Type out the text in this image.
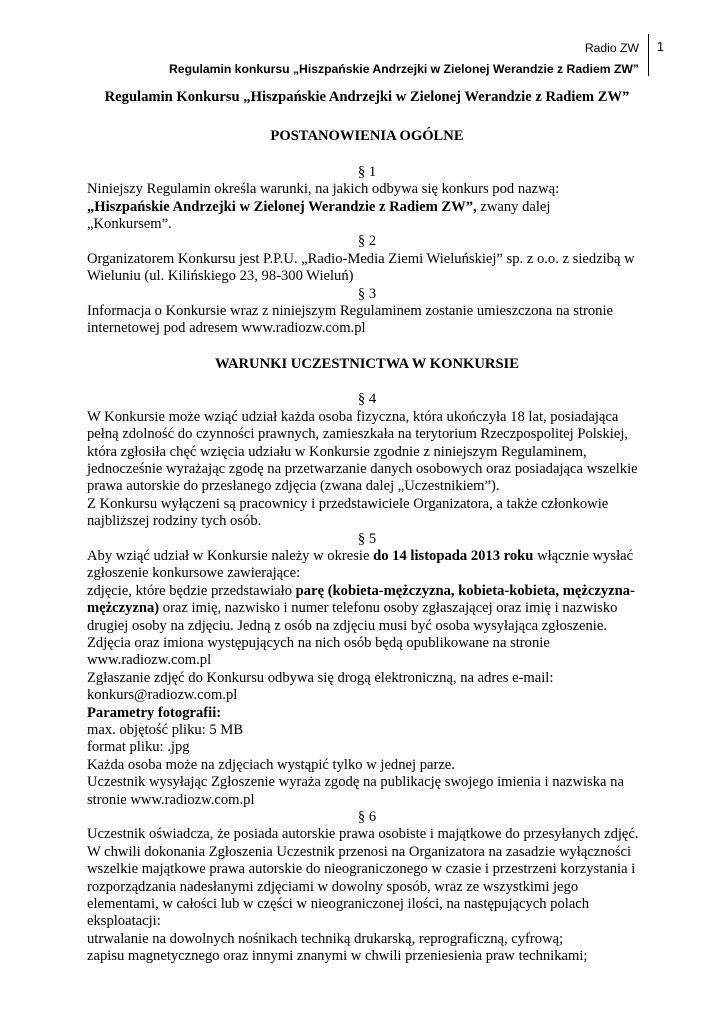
Radio ZW
Regulamin konkursu „Hiszpańskie Andrzejki w Zielonej Werandzie z Radiem ZW”
1

Regulamin Konkursu „Hiszpańskie Andrzejki w Zielonej Werandzie z Radiem ZW”

POSTANOWIENIA OGÓLNE

§ 1

Niniejszy Regulamin określa warunki, na jakich odbywa się konkurs pod nazwą:
„Hiszpańskie Andrzejki w Zielonej Werandzie z Radiem ZW”, zwany dalej
„Konkursem”.

§ 2

Organizatorem Konkursu jest P.P.U. „Radio-Media Ziemi Wieluńskiej” sp. z o.o. z siedzibą w Wieluniu (ul. Kilińskiego 23, 98-300 Wieluń)

§ 3

Informacja o Konkursie wraz z niniejszym Regulaminem zostanie umieszczona na stronie internetowej pod adresem www.radiozw.com.pl

WARUNKI UCZESTNICTWA W KONKURSIE

§ 4

W Konkursie może wziąć udział każda osoba fizyczna, która ukończyła 18 lat, posiadająca pełną zdolność do czynności prawnych, zamieszkała na terytorium Rzeczpospolitej Polskiej, która zgłosiła chęć wzięcia udziału w Konkursie zgodnie z niniejszym Regulaminem, jednocześnie wyrażając zgodę na przetwarzanie danych osobowych oraz posiadająca wszelkie prawa autorskie do przesłanego zdjęcia (zwana dalej „Uczestnikiem”).

Z Konkursu wyłączeni są pracownicy i przedstawiciele Organizatora, a także członkowie najbliższej rodziny tych osób.

§ 5

Aby wziąć udział w Konkursie należy w okresie do 14 listopada 2013 roku włącznie wysłać zgłoszenie konkursowe zawierające:

zdjęcie, które będzie przedstawiało parę (kobieta-mężczyzna, kobieta-kobieta, mężczyzna-mężczyzna) oraz imię, nazwisko i numer telefonu osoby zgłaszającej oraz imię i nazwisko drugiej osoby na zdjęciu. Jedną z osób na zdjęciu musi być osoba wysyłająca zgłoszenie.

Zdjęcia oraz imiona występujących na nich osób będą opublikowane na stronie www.radiozw.com.pl

Zgłaszanie zdjęć do Konkursu odbywa się drogą elektroniczną, na adres e-mail: konkurs@radiozw.com.pl

Parametry fotografii:

max. objętość pliku: 5 MB

format pliku: .jpg

Każda osoba może na zdjęciach wystąpić tylko w jednej parze.

Uczestnik wysyłając Zgłoszenie wyraża zgodę na publikację swojego imienia i nazwiska na stronie www.radiozw.com.pl

§ 6

Uczestnik oświadcza, że posiada autorskie prawa osobiste i majątkowe do przesyłanych zdjęć.

W chwili dokonania Zgłoszenia Uczestnik przenosi na Organizatora na zasadzie wyłączności wszelkie majątkowe prawa autorskie do nieograniczonego w czasie i przestrzeni korzystania i rozporządzania nadesłanymi zdjęciami w dowolny sposób, wraz ze wszystkimi jego elementami, w całości lub w części w nieograniczonej ilości, na następujących polach eksploatacji:

utrwalanie na dowolnych nośnikach techniką drukarską, reprograficzną, cyfrową;

zapisu magnetycznego oraz innymi znanymi w chwili przeniesienia praw technikami;
